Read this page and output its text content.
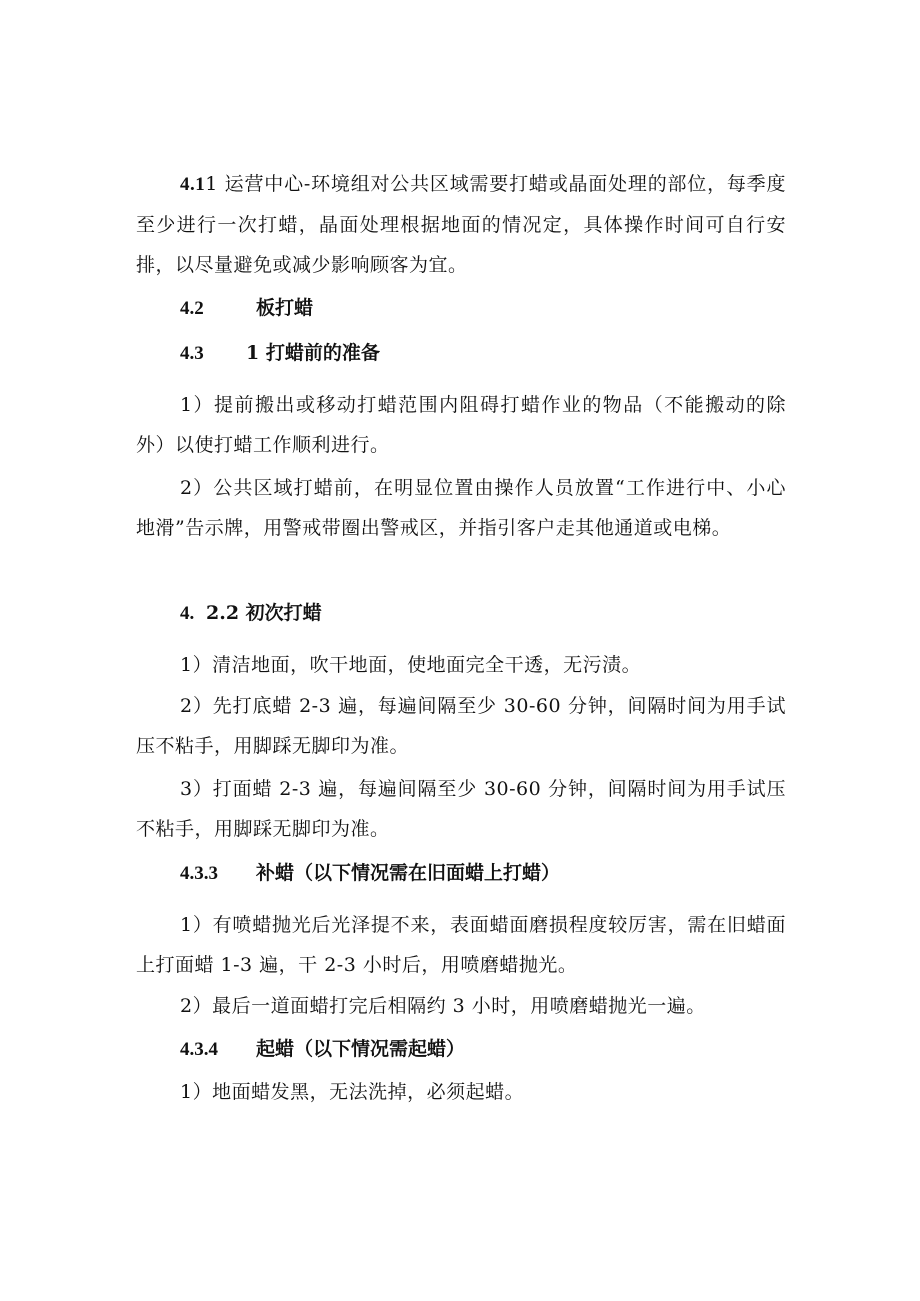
4.11 运营中心-环境组对公共区域需要打蜡或晶面处理的部位，每季度至少进行一次打蜡，晶面处理根据地面的情况定，具体操作时间可自行安排，以尽量避免或减少影响顾客为宜。
4.2	板打蜡
4.3 1 打蜡前的准备
1）提前搬出或移动打蜡范围内阻碍打蜡作业的物品（不能搬动的除外）以使打蜡工作顺利进行。
2）公共区域打蜡前，在明显位置由操作人员放置“工作进行中、小心地滑”告示牌，用警戒带圈出警戒区，并指引客户走其他通道或电梯。
4. 2.2 初次打蜡
1）清洁地面，吹干地面，使地面完全干透，无污渍。
2）先打底蜡 2-3 遍，每遍间隔至少 30-60 分钟，间隔时间为用手试压不粘手，用脚踩无脚印为准。
3）打面蜡 2-3 遍，每遍间隔至少 30-60 分钟，间隔时间为用手试压不粘手，用脚踩无脚印为准。
4.3.3 补蜡（以下情况需在旧面蜡上打蜡）
1）有喷蜡抛光后光泽提不来，表面蜡面磨损程度较厉害，需在旧蜡面上打面蜡 1-3 遍，干 2-3 小时后，用喷磨蜡抛光。
2）最后一道面蜡打完后相隔约 3 小时，用喷磨蜡抛光一遍。
4.3.4 起蜡（以下情况需起蜡）
1）地面蜡发黑，无法洗掉，必须起蜡。
